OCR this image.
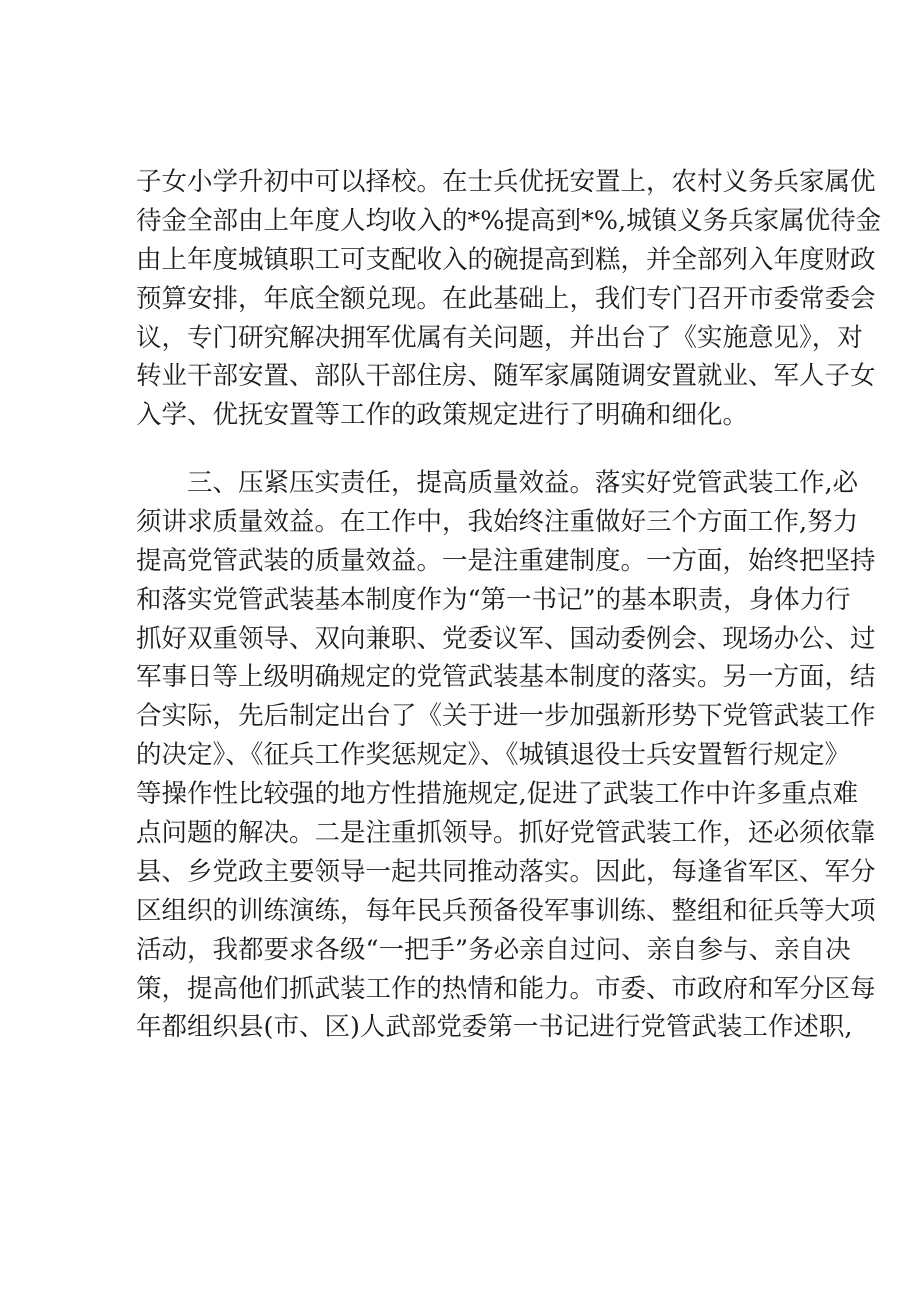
子女小学升初中可以择校。在士兵优抚安置上，农村义务兵家属优
待金全部由上年度人均收入的*%提高到*%,城镇义务兵家属优待金
由上年度城镇职工可支配收入的碗提高到糕，并全部列入年度财政
预算安排，年底全额兑现。在此基础上，我们专门召开市委常委会
议，专门研究解决拥军优属有关问题，并出台了《实施意见》，对
转业干部安置、部队干部住房、随军家属随调安置就业、军人子女
入学、优抚安置等工作的政策规定进行了明确和细化。
三、压紧压实责任，提高质量效益。落实好党管武装工作,必
须讲求质量效益。在工作中，我始终注重做好三个方面工作,努力
提高党管武装的质量效益。一是注重建制度。一方面，始终把坚持
和落实党管武装基本制度作为“第一书记”的基本职责，身体力行
抓好双重领导、双向兼职、党委议军、国动委例会、现场办公、过
军事日等上级明确规定的党管武装基本制度的落实。另一方面，结
合实际，先后制定出台了《关于进一步加强新形势下党管武装工作
的决定》、《征兵工作奖惩规定》、《城镇退役士兵安置暂行规定》
等操作性比较强的地方性措施规定,促进了武装工作中许多重点难
点问题的解决。二是注重抓领导。抓好党管武装工作，还必须依靠
县、乡党政主要领导一起共同推动落实。因此，每逢省军区、军分
区组织的训练演练，每年民兵预备役军事训练、整组和征兵等大项
活动，我都要求各级“一把手”务必亲自过问、亲自参与、亲自决
策，提高他们抓武装工作的热情和能力。市委、市政府和军分区每
年都组织县(市、区)人武部党委第一书记进行党管武装工作述职,
